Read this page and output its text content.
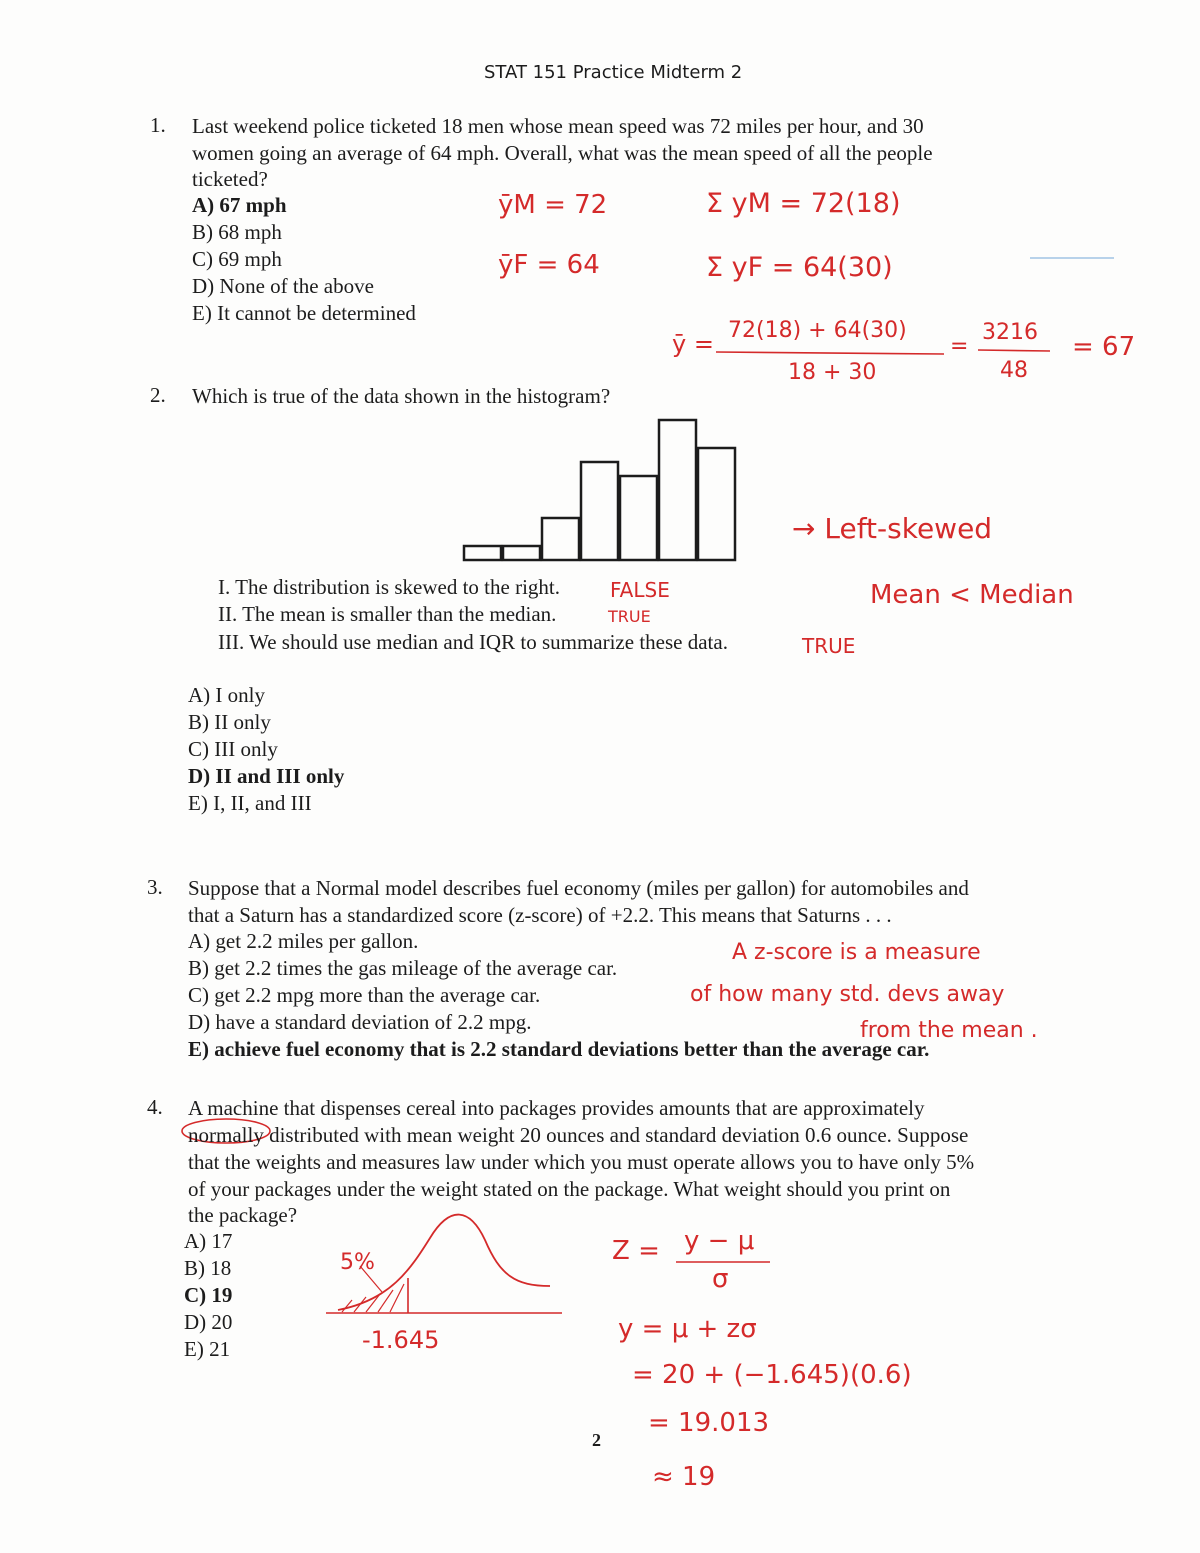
STAT 151 Practice Midterm 2
1. Last weekend police ticketed 18 men whose mean speed was 72 miles per hour, and 30
women going an average of 64 mph. Overall, what was the mean speed of all the people
ticketed?
A) 67 mph
B) 68 mph
C) 69 mph
D) None of the above
E) It cannot be determined
ȳM = 72
ȳF = 64
Σ yM = 72(18)
Σ yF = 64(30)
ȳ = 72(18) + 64(30)
18 + 30
=
3216
48
= 67
2. Which is true of the data shown in the histogram?
I. The distribution is skewed to the right.	FALSE
II. The mean is smaller than the median.	TRUE
III. We should use median and IQR to summarize these data.	TRUE
→ Left-skewed
Mean < Median
A) I only
B) II only
C) III only
D) II and III only
E) I, II, and III
3. Suppose that a Normal model describes fuel economy (miles per gallon) for automobiles and
that a Saturn has a standardized score (z-score) of +2.2. This means that Saturns . . .
A) get 2.2 miles per gallon.
B) get 2.2 times the gas mileage of the average car.
C) get 2.2 mpg more than the average car.
D) have a standard deviation of 2.2 mpg.
E) achieve fuel economy that is 2.2 standard deviations better than the average car.
A z-score is a measure
of how many std. devs away
from the mean .
4. A machine that dispenses cereal into packages provides amounts that are approximately
normally distributed with mean weight 20 ounces and standard deviation 0.6 ounce. Suppose
that the weights and measures law under which you must operate allows you to have only 5%
of your packages under the weight stated on the package. What weight should you print on
the package?
A) 17
B) 18
C) 19
D) 20
E) 21
5%
-1.645
Z = y − μ
σ
y = μ + zσ
= 20 + (−1.645)(0.6)
= 19.013
≈ 19
2
